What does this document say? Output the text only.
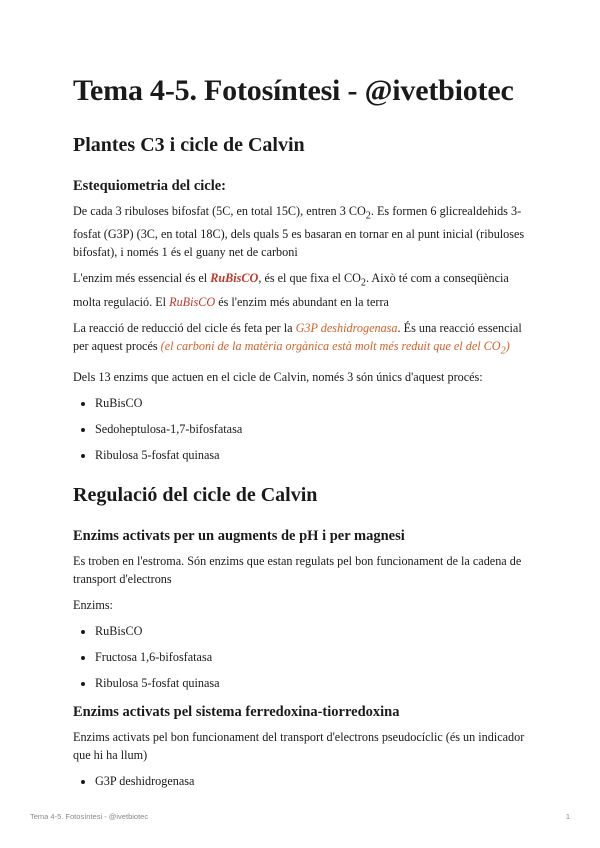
Tema 4-5. Fotosíntesi - @ivetbiotec
Plantes C3 i cicle de Calvin
Estequiometria del cicle:

De cada 3 ribuloses bifosfat (5C, en total 15C), entren 3 $CO_2$. Es formen 6 glicrealdehids 3-fosfat (G3P) (3C, en total 18C), dels quals 5 es basaran en tornar en al punt inicial (ribuloses bifosfat), i només 1 és el guany net de carboni

L'enzim més essencial és el RuBisCO, és el que fixa el $CO_2$. Això té com a conseqüència molta regulació. El RuBisCO és l'enzim més abundant en la terra

La reacció de reducció del cicle és feta per la G3P deshidrogenasa. És una reacció essencial per aquest procés (el carboni de la matèria orgànica està molt més reduit que el del $CO_2$)

Dels 13 enzims que actuen en el cicle de Calvin, només 3 són únics d'aquest procés:

• RuBisCO
• Sedoheptulosa-1,7-bifosfatasa
• Ribulosa 5-fosfat quinasa
Regulació del cicle de Calvin
Enzims activats per un augments de pH i per magnesi

Es troben en l'estroma. Són enzims que estan regulats pel bon funcionament de la cadena de transport d'electrons

Enzims:

• RuBisCO
• Fructosa 1,6-bifosfatasa
• Ribulosa 5-fosfat quinasa
Enzims activats pel sistema ferredoxina-tiorredoxina

Enzims activats pel bon funcionament del transport d'electrons pseudocíclic (és un indicador que hi ha llum)

• G3P deshidrogenasa
Tema 4-5. Fotosíntesi - @ivetbiotec	1
